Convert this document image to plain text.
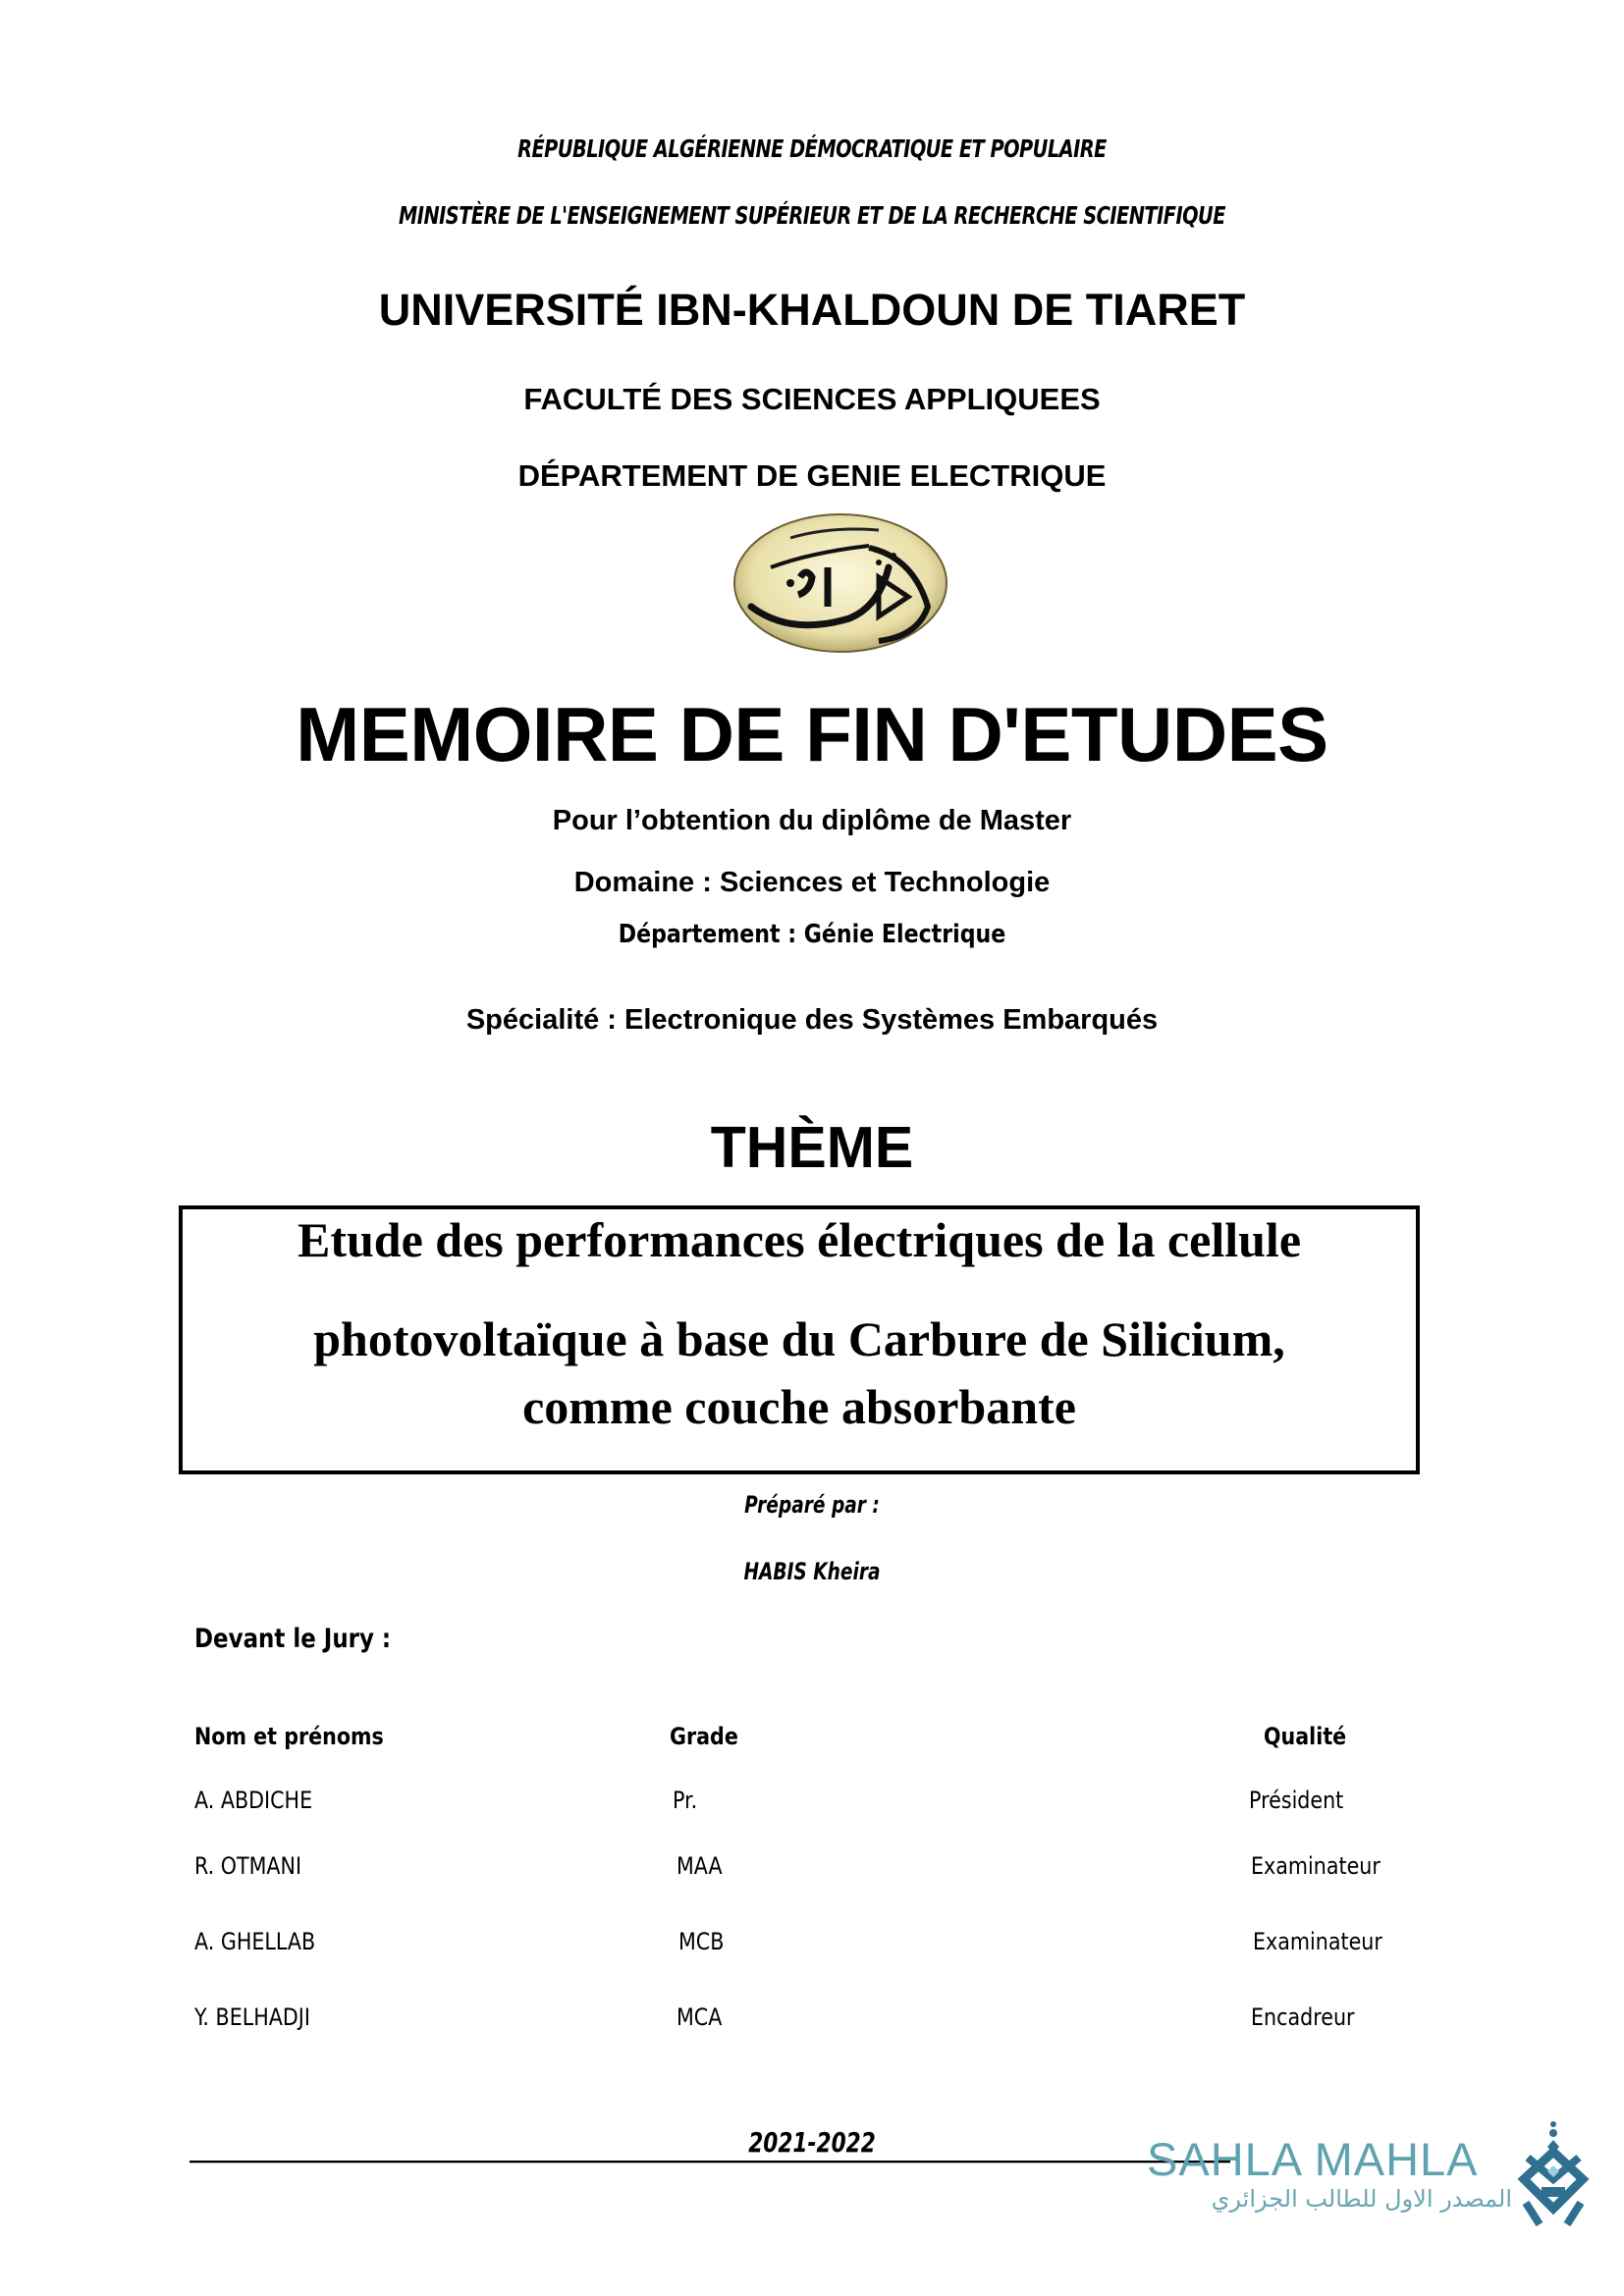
RÉPUBLIQUE ALGÉRIENNE DÉMOCRATIQUE ET POPULAIRE
MINISTÈRE DE L'ENSEIGNEMENT SUPÉRIEUR ET DE LA RECHERCHE SCIENTIFIQUE
UNIVERSITÉ IBN-KHALDOUN DE TIARET
FACULTÉ DES SCIENCES APPLIQUEES
DÉPARTEMENT DE GENIE ELECTRIQUE
MEMOIRE DE FIN D'ETUDES
Pour l’obtention du diplôme de Master
Domaine : Sciences et Technologie
Département : Génie Electrique
Spécialité : Electronique des Systèmes Embarqués
THÈME
Etude des performances électriques de la cellule
photovoltaïque à base du Carbure de Silicium,
comme couche absorbante
Préparé par :
HABIS Kheira
Devant le Jury :
Nom et prénoms	Grade	Qualité
A. ABDICHE	Pr.	Président
R. OTMANI	MAA	Examinateur
A. GHELLAB	MCB	Examinateur
Y. BELHADJI	MCA	Encadreur
2021-2022	SAHLA MAHLA
المصدر الاول للطالب الجزائري
